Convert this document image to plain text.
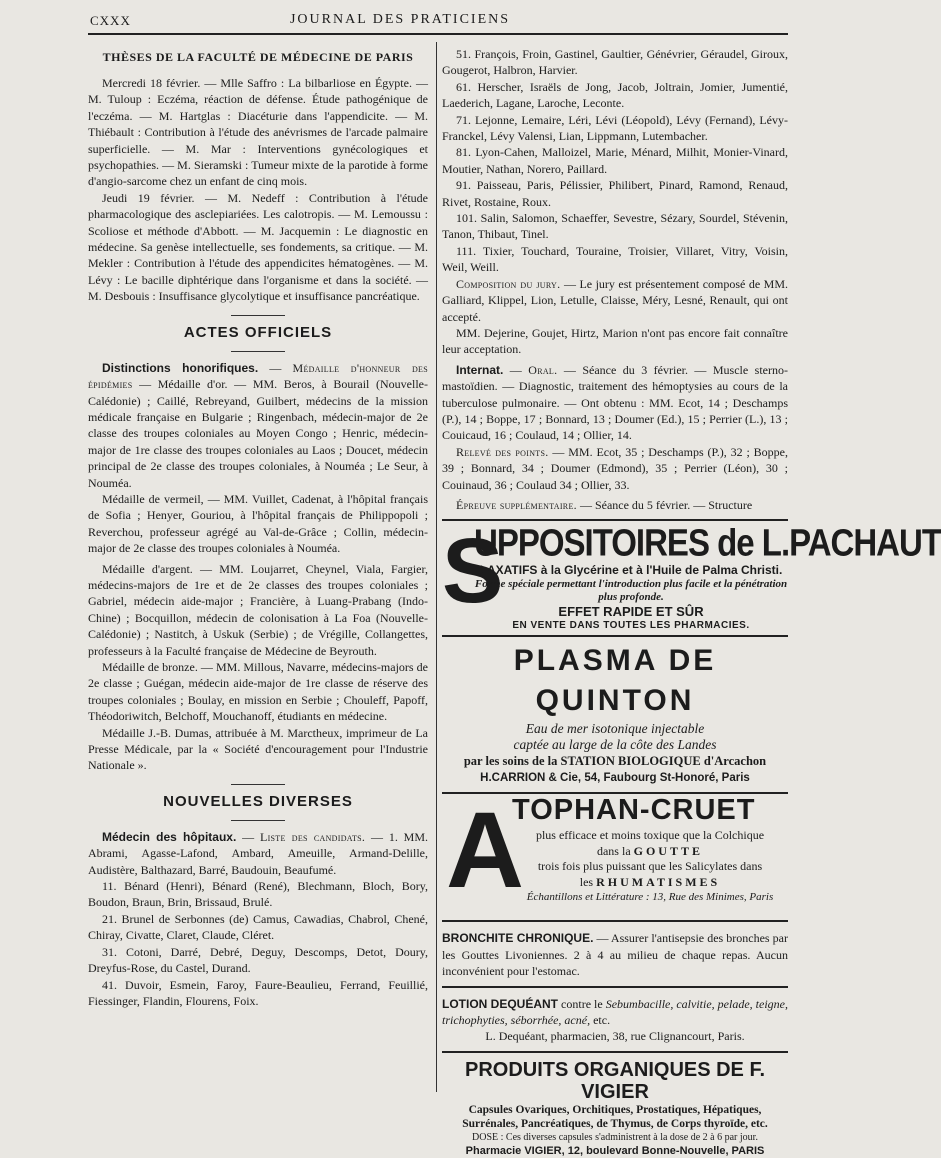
CXXX	JOURNAL DES PRATICIENS
THÈSES DE LA FACULTÉ DE MÉDECINE DE PARIS

Mercredi 18 février. — Mlle Saffro : La bilbarliose en Égypte. — M. Tuloup : Eczéma, réaction de défense. Étude pathogénique de l'eczéma. — M. Hartglas : Diacéturie dans l'appendicite. — M. Thiébault : Contribution à l'étude des anévrismes de l'arcade palmaire superficielle. — M. Mar : Interventions gynécologiques et psychopathies. — M. Sieramski : Tumeur mixte de la parotide à forme d'angio-sarcome chez un enfant de cinq mois.

Jeudi 19 février. — M. Nedeff : Contribution à l'étude pharmacologique des asclepiariées. Les calotropis. — M. Lemoussu : Scoliose et méthode d'Abbott. — M. Jacquemin : Le diagnostic en médecine. Sa genèse intellectuelle, ses fondements, sa critique. — M. Mekler : Contribution à l'étude des appendicites hématogènes. — M. Lévy : Le bacille diphtérique dans l'organisme et dans la société. — M. Desbouis : Insuffisance glycolytique et insuffisance pancréatique.

ACTES OFFICIELS

Distinctions honorifiques. — Médaille d'honneur des épidémies — Médaille d'or. — MM. Beros, à Bourail (Nouvelle-Calédonie) ; Caillé, Rebreyand, Guilbert, médecins de la mission médicale française en Bulgarie ; Ringenbach, médecin-major de 2e classe des troupes coloniales au Moyen Congo ; Henric, médecin-major de 1re classe des troupes coloniales au Laos ; Doucet, médecin principal de 2e classe des troupes coloniales, à Nouméa ; Le Seur, à Nouméa.

Médaille de vermeil, — MM. Vuillet, Cadenat, à l'hôpital français de Sofia ; Henyer, Gouriou, à l'hôpital français de Philippopoli ; Reverchou, professeur agrégé au Val-de-Grâce ; Collin, médecin-major de 2e classe des troupes coloniales à Nouméa.

Médaille d'argent. — MM. Loujarret, Cheynel, Viala, Fargier, médecins-majors de 1re et de 2e classes des troupes coloniales ; Gabriel, médecin aide-major ; Francière, à Luang-Prabang (Indo-Chine) ; Bocquillon, médecin de colonisation à La Foa (Nouvelle-Calédonie) ; Nastitch, à Uskuk (Serbie) ; de Vrégille, Collangettes, professeurs à la Faculté française de Médecine de Beyrouth.

Médaille de bronze. — MM. Millous, Navarre, médecins-majors de 2e classe ; Guégan, médecin aide-major de 1re classe de réserve des troupes coloniales ; Boulay, en mission en Serbie ; Chouleff, Papoff, Théodoriwitch, Belchoff, Mouchanoff, étudiants en médecine.

Médaille J.-B. Dumas, attribuée à M. Marctheux, imprimeur de La Presse Médicale, par la « Société d'encouragement pour l'Industrie Nationale ».

NOUVELLES DIVERSES

Médecin des hôpitaux. — Liste des candidats. — 1. MM. Abrami, Agasse-Lafond, Ambard, Ameuille, Armand-Delille, Audistère, Balthazard, Barré, Baudouin, Beaufumé.

11. Bénard (Henri), Bénard (René), Blechmann, Bloch, Bory, Boudon, Braun, Brin, Brissaud, Brulé.

21. Brunel de Serbonnes (de) Camus, Cawadias, Chabrol, Chené, Chiray, Civatte, Claret, Claude, Cléret.

31. Cotoni, Darré, Debré, Deguy, Descomps, Detot, Doury, Dreyfus-Rose, du Castel, Durand.

41. Duvoir, Esmein, Faroy, Faure-Beaulieu, Ferrand, Feuillié, Fiessinger, Flandin, Flourens, Foix.

51. François, Froin, Gastinel, Gaultier, Génévrier, Géraudel, Giroux, Gougerot, Halbron, Harvier.

61. Herscher, Israëls de Jong, Jacob, Joltrain, Jomier, Jumentié, Laederich, Lagane, Laroche, Leconte.

71. Lejonne, Lemaire, Léri, Lévi (Léopold), Lévy (Fernand), Lévy-Franckel, Lévy Valensi, Lian, Lippmann, Lutembacher.

81. Lyon-Cahen, Malloizel, Marie, Ménard, Milhit, Monier-Vinard, Moutier, Nathan, Norero, Paillard.

91. Paisseau, Paris, Pélissier, Philibert, Pinard, Ramond, Renaud, Rivet, Rostaine, Roux.

101. Salin, Salomon, Schaeffer, Sevestre, Sézary, Sourdel, Stévenin, Tanon, Thibaut, Tinel.

111. Tixier, Touchard, Touraine, Troisier, Villaret, Vitry, Voisin, Weil, Weill.

Composition du jury. — Le jury est présentement composé de MM. Galliard, Klippel, Lion, Letulle, Claisse, Méry, Lesné, Renault, qui ont accepté.

MM. Dejerine, Goujet, Hirtz, Marion n'ont pas encore fait connaître leur acceptation.

Internat. — Oral. — Séance du 3 février. — Muscle sterno-mastoïdien. — Diagnostic, traitement des hémoptysies au cours de la tuberculose pulmonaire. — Ont obtenu : MM. Ecot, 14 ; Deschamps (P.), 14 ; Boppe, 17 ; Bonnard, 13 ; Doumer (Ed.), 15 ; Perrier (L.), 13 ; Couicaud, 16 ; Coulaud, 14 ; Ollier, 14.

Relevé des points. — MM. Ecot, 35 ; Deschamps (P.), 32 ; Boppe, 39 ; Bonnard, 34 ; Doumer (Edmond), 35 ; Perrier (Léon), 30 ; Couinaud, 36 ; Coulaud 34 ; Ollier, 33.

Épreuve supplémentaire. — Séance du 5 février. — Structure

S
UPPOSITOIRES de L.PACHAUT
LAXATIFS à la Glycérine et à l'Huile de Palma Christi.
Forme spéciale permettant l'introduction plus facile et la pénétration plus profonde.
EFFET RAPIDE ET SÛR
EN VENTE DANS TOUTES LES PHARMACIES.
PLASMA DE QUINTON
Eau de mer isotonique injectable
captée au large de la côte des Landes
par les soins de la STATION BIOLOGIQUE d'Arcachon
H.CARRION & Cie, 54, Faubourg St-Honoré, Paris
A
TOPHAN-CRUET
plus efficace et moins toxique que la Colchique
dans la GOUTTE
trois fois plus puissant que les Salicylates dans
les RHUMATISMES
Échantillons et Littérature : 13, Rue des Minimes, Paris

BRONCHITE CHRONIQUE. — Assurer l'antisepsie des bronches par les Gouttes Livoniennes. 2 à 4 au milieu de chaque repas. Aucun inconvénient pour l'estomac.

LOTION DEQUÉANT contre le Sebumbacille, calvitie, pelade, teigne, trichophyties, séborrhée, acné, etc.

L. Dequéant, pharmacien, 38, rue Clignancourt, Paris.

PRODUITS ORGANIQUES DE F. VIGIER
Capsules Ovariques, Orchitiques, Prostatiques, Hépatiques,
Surrénales, Pancréatiques, de Thymus, de Corps thyroïde, etc.
DOSE : Ces diverses capsules s'administrent à la dose de 2 à 6 par jour.
Pharmacie VIGIER, 12, boulevard Bonne-Nouvelle, PARIS
